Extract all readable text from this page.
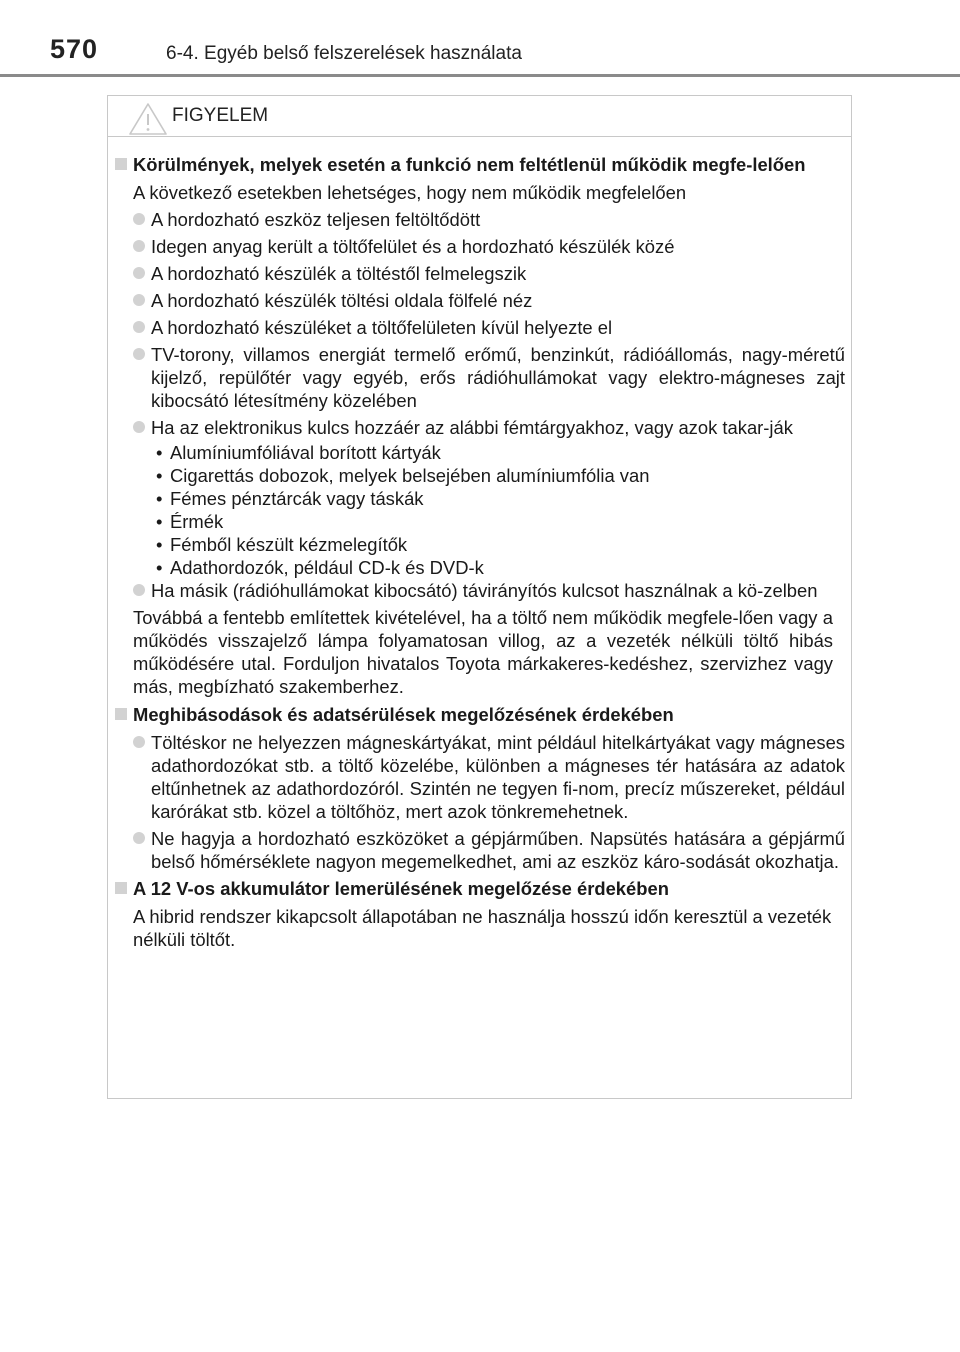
570	6-4. Egyéb belső felszerelések használata
FIGYELEM
Körülmények, melyek esetén a funkció nem feltétlenül működik megfe-lelően
A következő esetekben lehetséges, hogy nem működik megfelelően
A hordozható eszköz teljesen feltöltődött
Idegen anyag került a töltőfelület és a hordozható készülék közé
A hordozható készülék a töltéstől felmelegszik
A hordozható készülék töltési oldala fölfelé néz
A hordozható készüléket a töltőfelületen kívül helyezte el
TV-torony, villamos energiát termelő erőmű, benzinkút, rádióállomás, nagy-méretű kijelző, repülőtér vagy egyéb, erős rádióhullámokat vagy elektro-mágneses zajt kibocsátó létesítmény közelében
Ha az elektronikus kulcs hozzáér az alábbi fémtárgyakhoz, vagy azok takar-ják
• Alumíniumfóliával borított kártyák
• Cigarettás dobozok, melyek belsejében alumíniumfólia van
• Fémes pénztárcák vagy táskák
• Érmék
• Fémből készült kézmelegítők
• Adathordozók, például CD-k és DVD-k
Ha másik (rádióhullámokat kibocsátó) távirányítós kulcsot használnak a kö-zelben
Továbbá a fentebb említettek kivételével, ha a töltő nem működik megfele-lően vagy a működés visszajelző lámpa folyamatosan villog, az a vezeték nélküli töltő hibás működésére utal. Forduljon hivatalos Toyota márkakeres-kedéshez, szervizhez vagy más, megbízható szakemberhez.
Meghibásodások és adatsérülések megelőzésének érdekében
Töltéskor ne helyezzen mágneskártyákat, mint például hitelkártyákat vagy mágneses adathordozókat stb. a töltő közelébe, különben a mágneses tér hatására az adatok eltűnhetnek az adathordozóról. Szintén ne tegyen fi-nom, precíz műszereket, például karórákat stb. közel a töltőhöz, mert azok tönkremehetnek.
Ne hagyja a hordozható eszközöket a gépjárműben. Napsütés hatására a gépjármű belső hőmérséklete nagyon megemelkedhet, ami az eszköz káro-sodását okozhatja.
A 12 V-os akkumulátor lemerülésének megelőzése érdekében
A hibrid rendszer kikapcsolt állapotában ne használja hosszú időn keresztül a vezeték nélküli töltőt.
